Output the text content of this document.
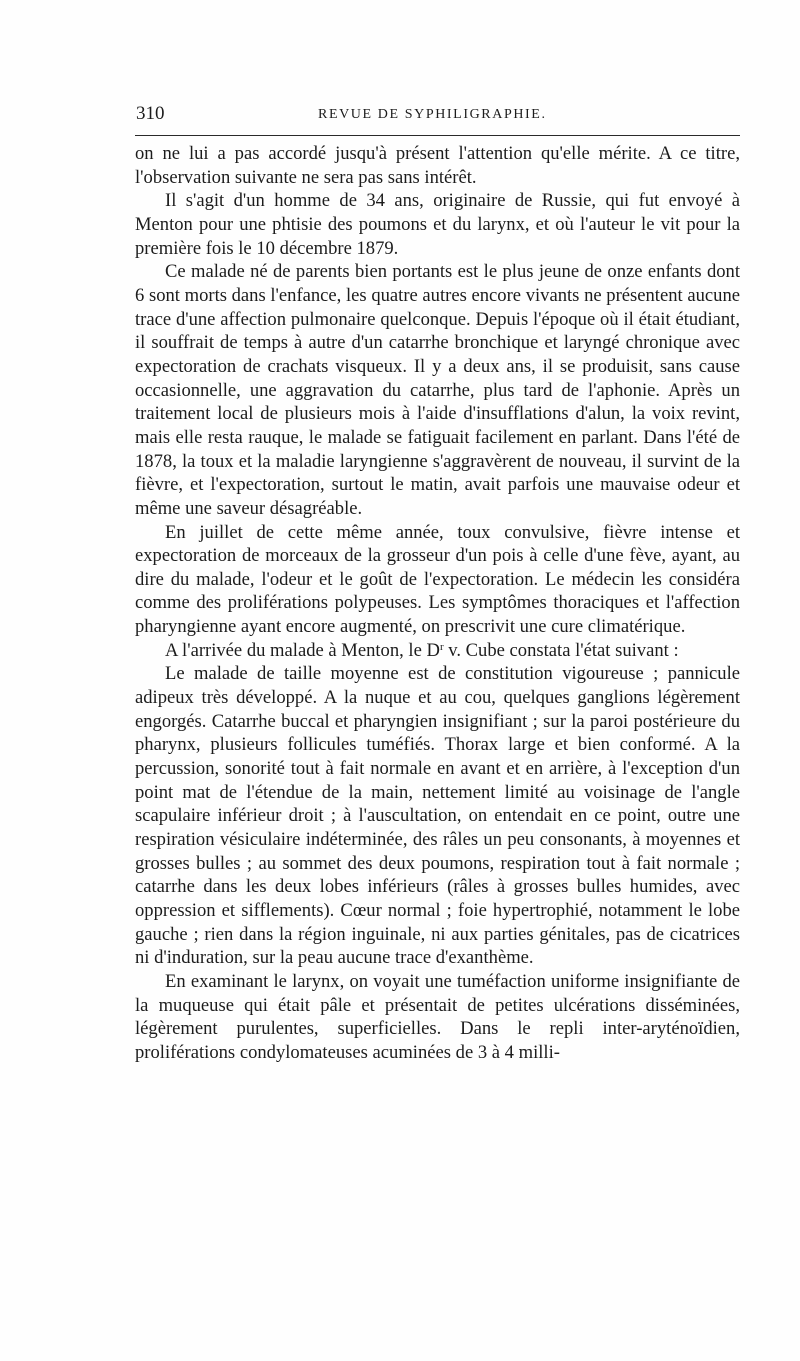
310	REVUE DE SYPHILIGRAPHIE.

on ne lui a pas accordé jusqu'à présent l'attention qu'elle mérite. A ce titre, l'observation suivante ne sera pas sans intérêt.

Il s'agit d'un homme de 34 ans, originaire de Russie, qui fut envoyé à Menton pour une phtisie des poumons et du larynx, et où l'auteur le vit pour la première fois le 10 décembre 1879.

Ce malade né de parents bien portants est le plus jeune de onze enfants dont 6 sont morts dans l'enfance, les quatre autres encore vivants ne présentent aucune trace d'une affection pulmonaire quelconque. Depuis l'époque où il était étudiant, il souffrait de temps à autre d'un catarrhe bronchique et laryngé chronique avec expectoration de crachats visqueux. Il y a deux ans, il se produisit, sans cause occasionnelle, une aggravation du catarrhe, plus tard de l'aphonie. Après un traitement local de plusieurs mois à l'aide d'insufflations d'alun, la voix revint, mais elle resta rauque, le malade se fatiguait facilement en parlant. Dans l'été de 1878, la toux et la maladie laryngienne s'aggravèrent de nouveau, il survint de la fièvre, et l'expectoration, surtout le matin, avait parfois une mauvaise odeur et même une saveur désagréable.

En juillet de cette même année, toux convulsive, fièvre intense et expectoration de morceaux de la grosseur d'un pois à celle d'une fève, ayant, au dire du malade, l'odeur et le goût de l'expectoration. Le médecin les considéra comme des proliférations polypeuses. Les symptômes thoraciques et l'affection pharyngienne ayant encore augmenté, on prescrivit une cure climatérique.

A l'arrivée du malade à Menton, le $D^r$ v. Cube constata l'état suivant :

Le malade de taille moyenne est de constitution vigoureuse ; pannicule adipeux très développé. A la nuque et au cou, quelques ganglions légèrement engorgés. Catarrhe buccal et pharyngien insignifiant ; sur la paroi postérieure du pharynx, plusieurs follicules tuméfiés. Thorax large et bien conformé. A la percussion, sonorité tout à fait normale en avant et en arrière, à l'exception d'un point mat de l'étendue de la main, nettement limité au voisinage de l'angle scapulaire inférieur droit ; à l'auscultation, on entendait en ce point, outre une respiration vésiculaire indéterminée, des râles un peu consonants, à moyennes et grosses bulles ; au sommet des deux poumons, respiration tout à fait normale ; catarrhe dans les deux lobes inférieurs (râles à grosses bulles humides, avec oppression et sifflements). Cœur normal ; foie hypertrophié, notamment le lobe gauche ; rien dans la région inguinale, ni aux parties génitales, pas de cicatrices ni d'induration, sur la peau aucune trace d'exanthème.

En examinant le larynx, on voyait une tuméfaction uniforme insignifiante de la muqueuse qui était pâle et présentait de petites ulcérations disséminées, légèrement purulentes, superficielles. Dans le repli inter-aryténoïdien, proliférations condylomateuses acuminées de 3 à 4 milli-
